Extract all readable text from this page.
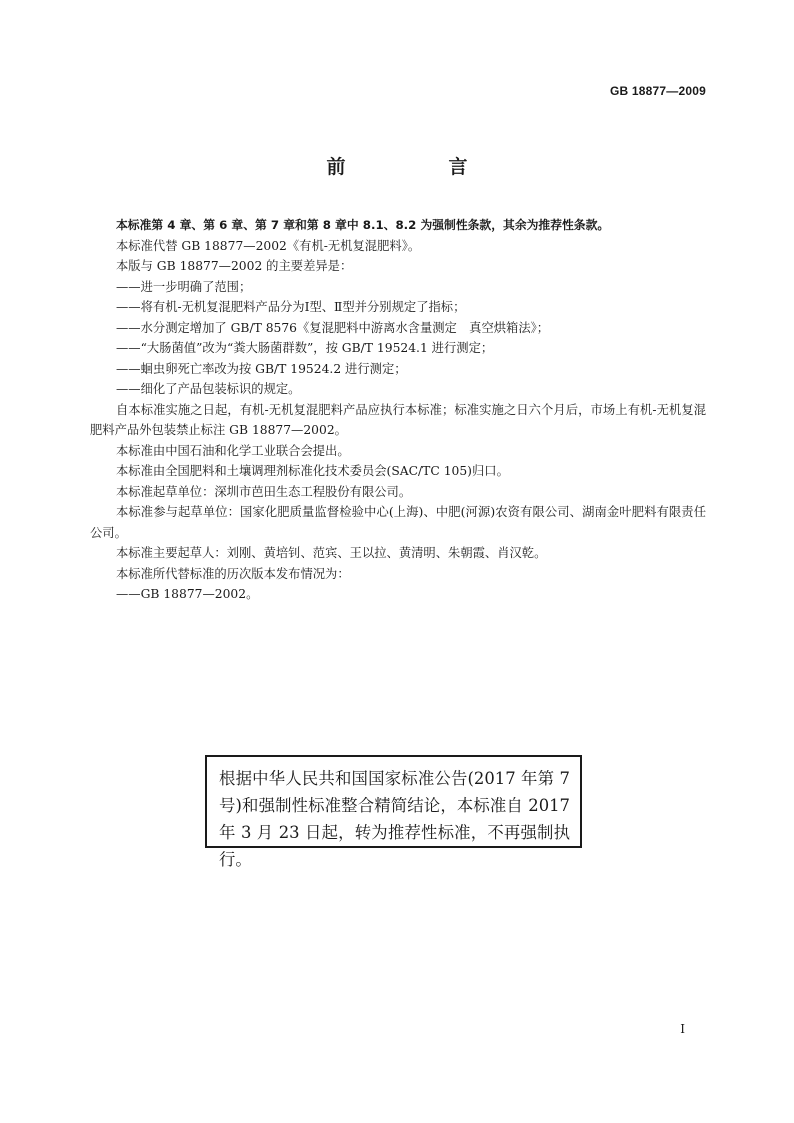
GB 18877—2009
前　言

本标准第 4 章、第 6 章、第 7 章和第 8 章中 8.1、8.2 为强制性条款，其余为推荐性条款。

本标准代替 GB 18877—2002《有机-无机复混肥料》。

本版与 GB 18877—2002 的主要差异是：

——进一步明确了范围；

——将有机-无机复混肥料产品分为Ⅰ型、Ⅱ型并分别规定了指标；

——水分测定增加了 GB/T 8576《复混肥料中游离水含量测定　真空烘箱法》；

——“大肠菌值”改为“粪大肠菌群数”，按 GB/T 19524.1 进行测定；

——蛔虫卵死亡率改为按 GB/T 19524.2 进行测定；

——细化了产品包装标识的规定。

自本标准实施之日起，有机-无机复混肥料产品应执行本标准；标准实施之日六个月后，市场上有机-无机复混肥料产品外包装禁止标注 GB 18877—2002。

本标准由中国石油和化学工业联合会提出。

本标准由全国肥料和土壤调理剂标准化技术委员会(SAC/TC 105)归口。

本标准起草单位：深圳市芭田生态工程股份有限公司。

本标准参与起草单位：国家化肥质量监督检验中心(上海)、中肥(河源)农资有限公司、湖南金叶肥料有限责任公司。

本标准主要起草人：刘刚、黄培钊、范宾、王以拉、黄清明、朱朝霞、肖汉乾。

本标准所代替标准的历次版本发布情况为：

——GB 18877—2002。

根据中华人民共和国国家标准公告(2017 年第 7 号)和强制性标准整合精简结论，本标准自 2017 年 3 月 23 日起，转为推荐性标准，不再强制执行。
Ⅰ
